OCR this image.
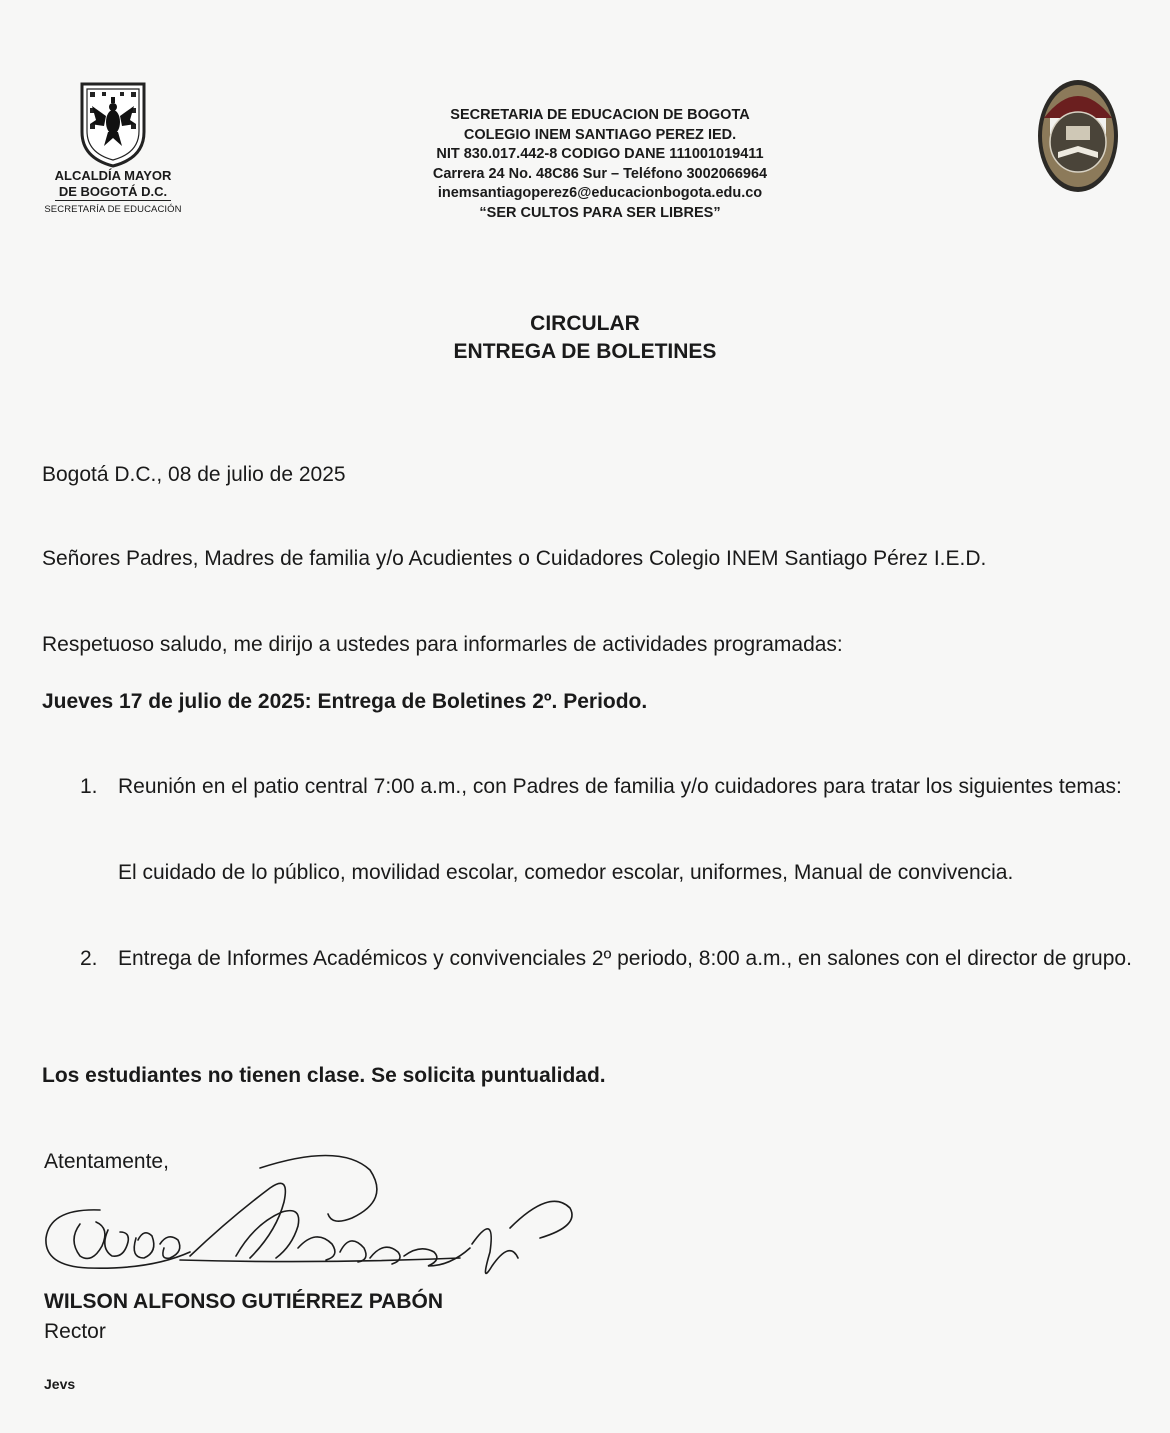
ALCALDÍA MAYOR
DE BOGOTÁ D.C.
SECRETARÍA DE EDUCACIÓN
SECRETARIA DE EDUCACION DE BOGOTA
COLEGIO INEM SANTIAGO PEREZ IED.
NIT 830.017.442-8 CODIGO DANE 111001019411
Carrera 24 No. 48C86 Sur – Teléfono 3002066964
inemsantiagoperez6@educacionbogota.edu.co
“SER CULTOS PARA SER LIBRES”
CIRCULAR
ENTREGA DE BOLETINES
Bogotá D.C., 08 de julio de 2025
Señores Padres, Madres de familia y/o Acudientes o Cuidadores Colegio INEM Santiago Pérez I.E.D.
Respetuoso saludo, me dirijo a ustedes para informarles de actividades programadas:
Jueves 17 de julio de 2025: Entrega de Boletines 2º. Periodo.
1. Reunión en el patio central 7:00 a.m., con Padres de familia y/o cuidadores para tratar los siguientes temas:
El cuidado de lo público, movilidad escolar, comedor escolar, uniformes, Manual de convivencia.
2. Entrega de Informes Académicos y convivenciales 2º periodo, 8:00 a.m., en salones con el director de grupo.
Los estudiantes no tienen clase. Se solicita puntualidad.
Atentamente,
WILSON ALFONSO GUTIÉRREZ PABÓN
Rector
Jevs
